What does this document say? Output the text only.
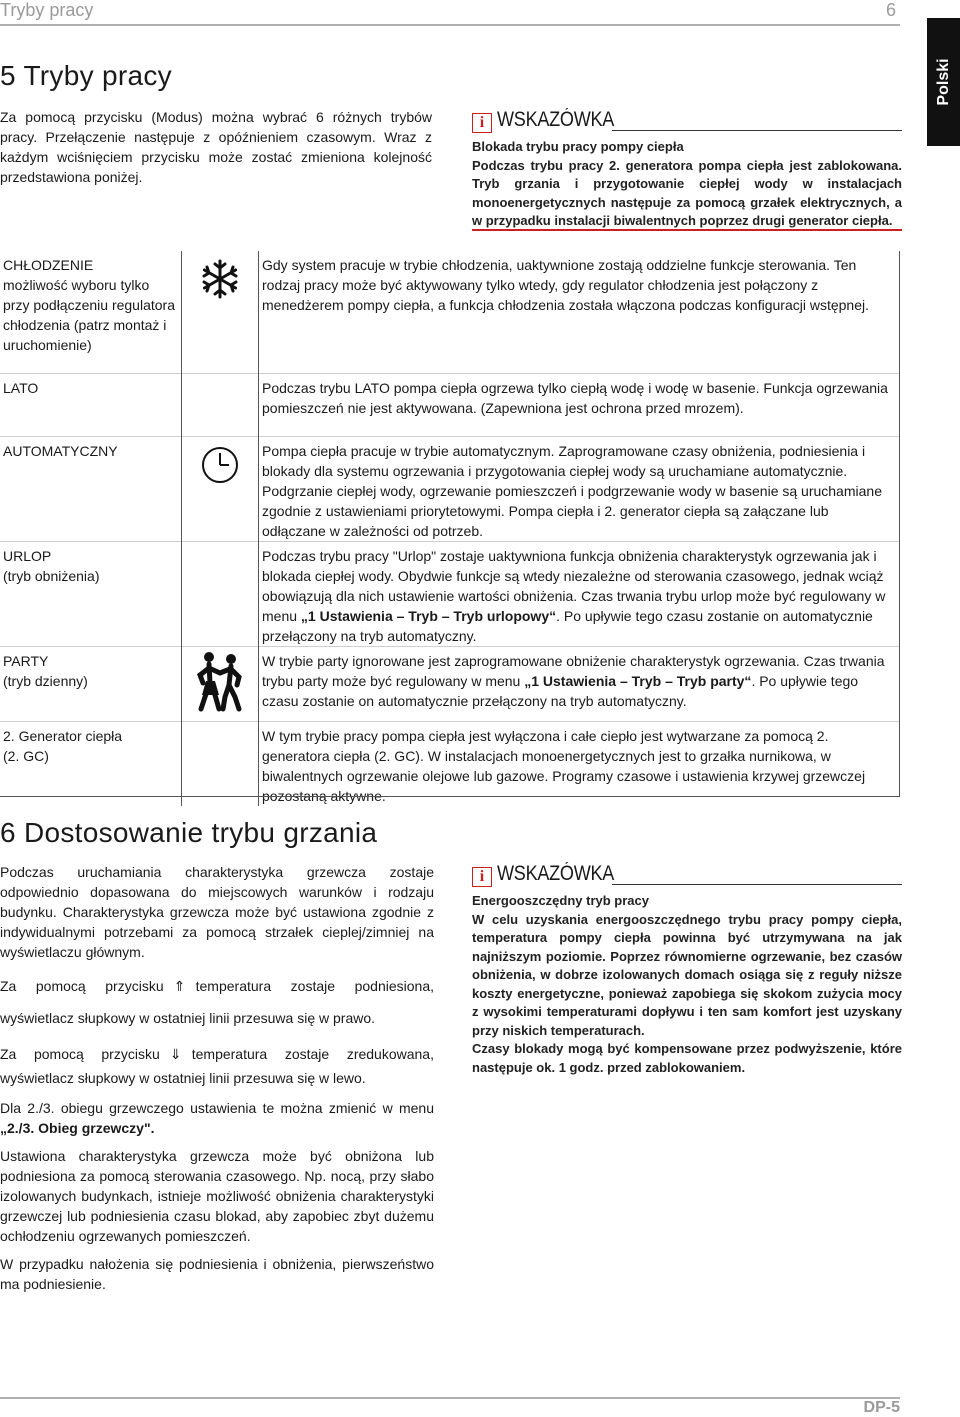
Tryby pracy	6
Polski
5 Tryby pracy
Za pomocą przycisku (Modus) można wybrać 6 różnych trybów pracy. Przełączenie następuje z opóźnieniem czasowym. Wraz z każdym wciśnięciem przycisku może zostać zmieniona kolejność przedstawiona poniżej.
i WSKAZÓWKA
Blokada trybu pracy pompy ciepła
Podczas trybu pracy 2. generatora pompa ciepła jest zablokowana. Tryb grzania i przygotowanie ciepłej wody w instalacjach monoenergetycznych następuje za pomocą grzałek elektrycznych, a w przypadku instalacji biwalentnych poprzez drugi generator ciepła.
CHŁODZENIE
możliwość wyboru tylko przy podłączeniu regulatora chłodzenia (patrz montaż i uruchomienie)		Gdy system pracuje w trybie chłodzenia, uaktywnione zostają oddzielne funkcje sterowania. Ten rodzaj pracy może być aktywowany tylko wtedy, gdy regulator chłodzenia jest połączony z menedżerem pompy ciepła, a funkcja chłodzenia została włączona podczas konfiguracji wstępnej.

LATO		Podczas trybu LATO pompa ciepła ogrzewa tylko ciepłą wodę i wodę w basenie. Funkcja ogrzewania pomieszczeń nie jest aktywowana. (Zapewniona jest ochrona przed mrozem).

AUTOMATYCZNY		Pompa ciepła pracuje w trybie automatycznym. Zaprogramowane czasy obniżenia, podniesienia i blokady dla systemu ogrzewania i przygotowania ciepłej wody są uruchamiane automatycznie. Podgrzanie ciepłej wody, ogrzewanie pomieszczeń i podgrzewanie wody w basenie są uruchamiane zgodnie z ustawieniami priorytetowymi. Pompa ciepła i 2. generator ciepła są załączane lub odłączane w zależności od potrzeb.

URLOP
(tryb obniżenia)		Podczas trybu pracy "Urlop" zostaje uaktywniona funkcja obniżenia charakterystyk ogrzewania jak i blokada ciepłej wody. Obydwie funkcje są wtedy niezależne od sterowania czasowego, jednak wciąż obowiązują dla nich ustawienie wartości obniżenia. Czas trwania trybu urlop może być regulowany w menu „1 Ustawienia – Tryb – Tryb urlopowy“. Po upływie tego czasu zostanie on automatycznie przełączony na tryb automatyczny.

PARTY
(tryb dzienny)		W trybie party ignorowane jest zaprogramowane obniżenie charakterystyk ogrzewania. Czas trwania trybu party może być regulowany w menu „1 Ustawienia – Tryb – Tryb party“. Po upływie tego czasu zostanie on automatycznie przełączony na tryb automatyczny.

2. Generator ciepła
(2. GC)		W tym trybie pracy pompa ciepła jest wyłączona i całe ciepło jest wytwarzane za pomocą 2. generatora ciepła (2. GC). W instalacjach monoenergetycznych jest to grzałka nurnikowa, w biwalentnych ogrzewanie olejowe lub gazowe. Programy czasowe i ustawienia krzywej grzewczej pozostaną aktywne.
6 Dostosowanie trybu grzania
Podczas uruchamiania charakterystyka grzewcza zostaje odpowiednio dopasowana do miejscowych warunków i rodzaju budynku. Charakterystyka grzewcza może być ustawiona zgodnie z indywidualnymi potrzebami za pomocą strzałek cieplej/zimniej na wyświetlaczu głównym.
Za pomocą przycisku ⇑ temperatura zostaje podniesiona, wyświetlacz słupkowy w ostatniej linii przesuwa się w prawo.
Za pomocą przycisku ⇓ temperatura zostaje zredukowana, wyświetlacz słupkowy w ostatniej linii przesuwa się w lewo.
Dla 2./3. obiegu grzewczego ustawienia te można zmienić w menu „2./3. Obieg grzewczy".
Ustawiona charakterystyka grzewcza może być obniżona lub podniesiona za pomocą sterowania czasowego. Np. nocą, przy słabo izolowanych budynkach, istnieje możliwość obniżenia charakterystyki grzewczej lub podniesienia czasu blokad, aby zapobiec zbyt dużemu ochłodzeniu ogrzewanych pomieszczeń.
W przypadku nałożenia się podniesienia i obniżenia, pierwszeństwo ma podniesienie.
i WSKAZÓWKA
Energooszczędny tryb pracy
W celu uzyskania energooszczędnego trybu pracy pompy ciepła, temperatura pompy ciepła powinna być utrzymywana na jak najniższym poziomie. Poprzez równomierne ogrzewanie, bez czasów obniżenia, w dobrze izolowanych domach osiąga się z reguły niższe koszty energetyczne, ponieważ zapobiega się skokom zużycia mocy z wysokimi temperaturami dopływu i ten sam komfort jest uzyskany przy niskich temperaturach.
Czasy blokady mogą być kompensowane przez podwyższenie, które następuje ok. 1 godz. przed zablokowaniem.
DP-5
